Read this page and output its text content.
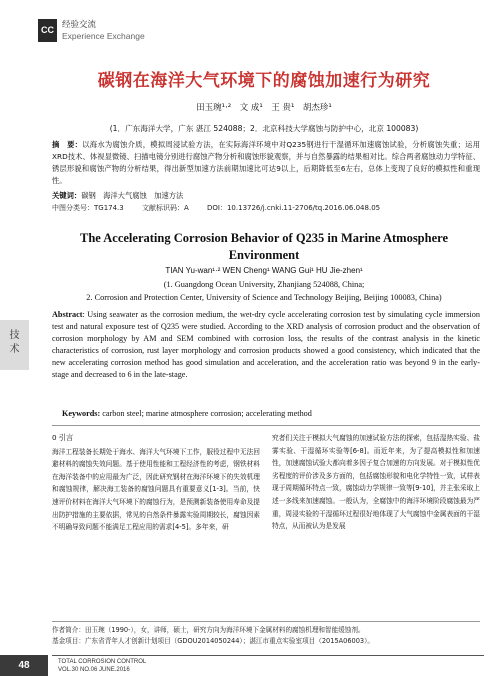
CC 经验交流
Experience Exchange
技
术
碳钢在海洋大气环境下的腐蚀加速行为研究
田玉琬¹·²　文 成¹　王 贵¹　胡杰珍¹
(1．广东海洋大学，广东 湛江 524088；2．北京科技大学腐蚀与防护中心，北京 100083)
摘　要：以海水为腐蚀介质，模拟周浸试验方法，在实际海洋环境中对Q235钢进行干湿循环加速腐蚀试验，分析腐蚀失重；运用XRD技术、体视显微镜、扫描电镜分别进行腐蚀产物分析和腐蚀形貌观察，并与自然暴露的结果相对比。综合两者腐蚀动力学特征、锈层形貌和腐蚀产物的分析结果，得出新型加速方法前期加速比可达9以上，后期降低至6左右，总体上变现了良好的模拟性和重现性。
关键词：碳钢　海洋大气腐蚀　加速方法
中图分类号：TG174.3	文献标识码：A	DOI：10.13726/j.cnki.11-2706/tq.2016.06.048.05
The Accelerating Corrosion Behavior of Q235 in Marine Atmosphere Environment
TIAN Yu-wan¹·² WEN Cheng¹ WANG Gui¹ HU Jie-zhen¹
(1. Guangdong Ocean University, Zhanjiang 524088, China;
2. Corrosion and Protection Center, University of Science and Technology Beijing, Beijing 100083, China)
Abstract: Using seawater as the corrosion medium, the wet-dry cycle accelerating corrosion test by simulating cycle immersion test and natural exposure test of Q235 were studied. According to the XRD analysis of corrosion product and the observation of corrosion morphology by AM and SEM combined with corrosion loss, the results of the contrast analysis in the kinetic characteristics of corrosion, rust layer morphology and corrosion products showed a good consistency, which indicated that the new accelerating corrosion method has good simulation and acceleration, and the acceleration ratio was beyond 9 in the early-stage and decreased to 6 in the late-stage.
Keywords: carbon steel; marine atmosphere corrosion; accelerating method
0 引言
海洋工程装备长期处于海水、海洋大气环境下工作，服役过程中无法回避材料的腐蚀失效问题。基于使用性能和工程经济性的考虑，钢铁材料在海洋装备中的应用最为广泛，因此研究钢材在海洋环境下的失效机理和腐蚀规律，解决海工装备的腐蚀问题具有重要意义[1-3]。当前，快速评价材料在海洋大气环境下的腐蚀行为，是预测新装备使用寿命及提出防护措施的主要依据，常见的自然条件暴露实验周期较长，腐蚀因素不明确导致问题不能满足工程应用的需求[4-5]。多年来，研
究者们关注于模拟大气腐蚀的加速试验方法的探索，包括湿热实验、盐雾实验、干湿循环实验等[6-8]。而近年来，为了提高模拟性和加速性，加速腐蚀试验大都向着多因子复合加速的方向发展。对于模拟性优劣程度的评价涉及多方面的，包括腐蚀形貌和电化学特性一致，试样表现于周期循环特点一致，腐蚀动力学规律一致等[9-10]，并主张采取上述一多线来加速腐蚀。一般认为，全腐蚀中的海洋环境阶段腐蚀最为严重，周浸实验的干湿循环过程很好地体现了大气腐蚀中金属表面的干湿特点，从而被认为是发展
作者简介：田玉琬（1990-），女，讲师，硕士，研究方向为海洋环境下金属材料的腐蚀机理和智能缓蚀剂。
基金项目：广东省青年人才创新计划项目（GDOU2014050244）；湛江市重点实验室项目（2015A06003）。
48	TOTAL CORROSION CONTROL
VOL.30 NO.06 JUNE.2016
